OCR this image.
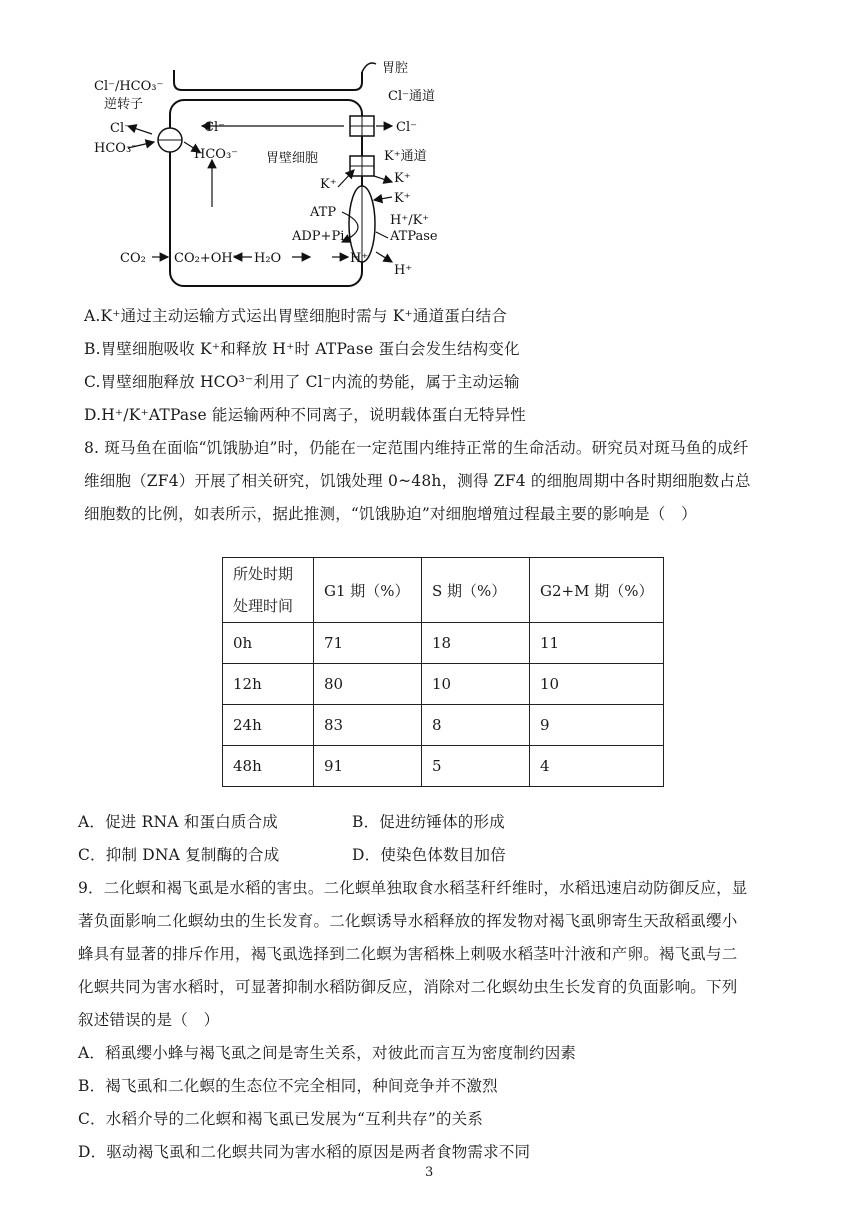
胃腔
Cl⁻/HCO₃⁻
逆转子
Cl⁻通道
K⁺通道
Cl⁻
HCO₃⁻
Cl⁻
HCO₃⁻ 胃壁细胞
Cl⁻
K⁺	K⁺
K⁺
ATP
ADP+Pi
H⁺/K⁺
ATPase
H⁺
H⁺
CO₂ CO₂+OH⁻ H₂O
A.K⁺通过主动运输方式运出胃壁细胞时需与 K⁺通道蛋白结合
B.胃壁细胞吸收 K⁺和释放 H⁺时 ATPase 蛋白会发生结构变化
C.胃壁细胞释放 HCO³⁻利用了 Cl⁻内流的势能，属于主动运输
D.H⁺/K⁺ATPase 能运输两种不同离子，说明载体蛋白无特异性
8. 斑马鱼在面临“饥饿胁迫”时，仍能在一定范围内维持正常的生命活动。研究员对斑马鱼的成纤
维细胞（ZF4）开展了相关研究，饥饿处理 0~48h，测得 ZF4 的细胞周期中各时期细胞数占总
细胞数的比例，如表所示，据此推测，“饥饿胁迫”对细胞增殖过程最主要的影响是（　）
所处时期
处理时间	G1 期（%）	S 期（%）	G2+M 期（%）
0h	71	18	11
12h	80	10	10
24h	83	8	9
48h	91	5	4
A．促进 RNA 和蛋白质合成	B．促进纺锤体的形成
C．抑制 DNA 复制酶的合成	D．使染色体数目加倍
9．二化螟和褐飞虱是水稻的害虫。二化螟单独取食水稻茎秆纤维时，水稻迅速启动防御反应，显
著负面影响二化螟幼虫的生长发育。二化螟诱导水稻释放的挥发物对褐飞虱卵寄生天敌稻虱缨小
蜂具有显著的排斥作用，褐飞虱选择到二化螟为害稻株上刺吸水稻茎叶汁液和产卵。褐飞虱与二
化螟共同为害水稻时，可显著抑制水稻防御反应，消除对二化螟幼虫生长发育的负面影响。下列
叙述错误的是（　）
A．稻虱缨小蜂与褐飞虱之间是寄生关系，对彼此而言互为密度制约因素
B．褐飞虱和二化螟的生态位不完全相同，种间竞争并不激烈
C．水稻介导的二化螟和褐飞虱已发展为“互利共存”的关系
D．驱动褐飞虱和二化螟共同为害水稻的原因是两者食物需求不同
3
